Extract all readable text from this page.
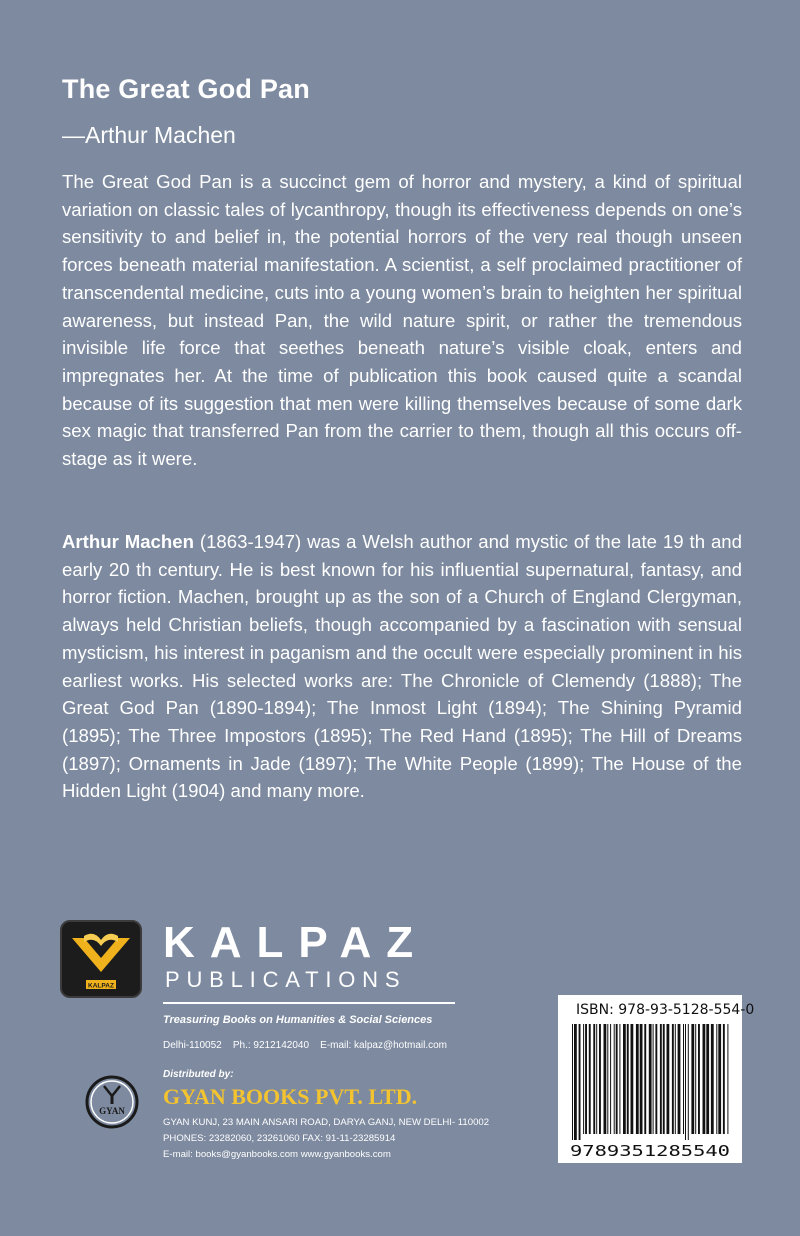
The Great God Pan
—Arthur Machen

The Great God Pan is a succinct gem of horror and mystery, a kind of spiritual variation on classic tales of lycanthropy, though its effectiveness depends on one’s sensitivity to and belief in, the potential horrors of the very real though unseen forces beneath material manifestation. A scientist, a self proclaimed practitioner of transcendental medicine, cuts into a young women’s brain to heighten her spiritual awareness, but instead Pan, the wild nature spirit, or rather the tremendous invisible life force that seethes beneath nature’s visible cloak, enters and impregnates her. At the time of publication this book caused quite a scandal because of its suggestion that men were killing themselves because of some dark sex magic that transferred Pan from the carrier to them, though all this occurs off-stage as it were.

Arthur Machen (1863-1947) was a Welsh author and mystic of the late 19 th and early 20 th century. He is best known for his influential supernatural, fantasy, and horror fiction. Machen, brought up as the son of a Church of England Clergyman, always held Christian beliefs, though accompanied by a fascination with sensual mysticism, his interest in paganism and the occult were especially prominent in his earliest works. His selected works are: The Chronicle of Clemendy (1888); The Great God Pan (1890-1894); The Inmost Light (1894); The Shining Pyramid (1895); The Three Impostors (1895); The Red Hand (1895); The Hill of Dreams (1897); Ornaments in Jade (1897); The White People (1899); The House of the Hidden Light (1904) and many more.

KALPAZ
KALPAZ
PUBLICATIONS
Treasuring Books on Humanities & Social Sciences
Delhi-110052    Ph.: 9212142040    E-mail: kalpaz@hotmail.com
GYAN
Distributed by:
GYAN BOOKS PVT. LTD.
GYAN KUNJ, 23 MAIN ANSARI ROAD, DARYA GANJ, NEW DELHI- 110002
PHONES: 23282060, 23261060 FAX: 91-11-23285914
E-mail: books@gyanbooks.com www.gyanbooks.com
ISBN: 978-93-5128-554-0
9789351285540
